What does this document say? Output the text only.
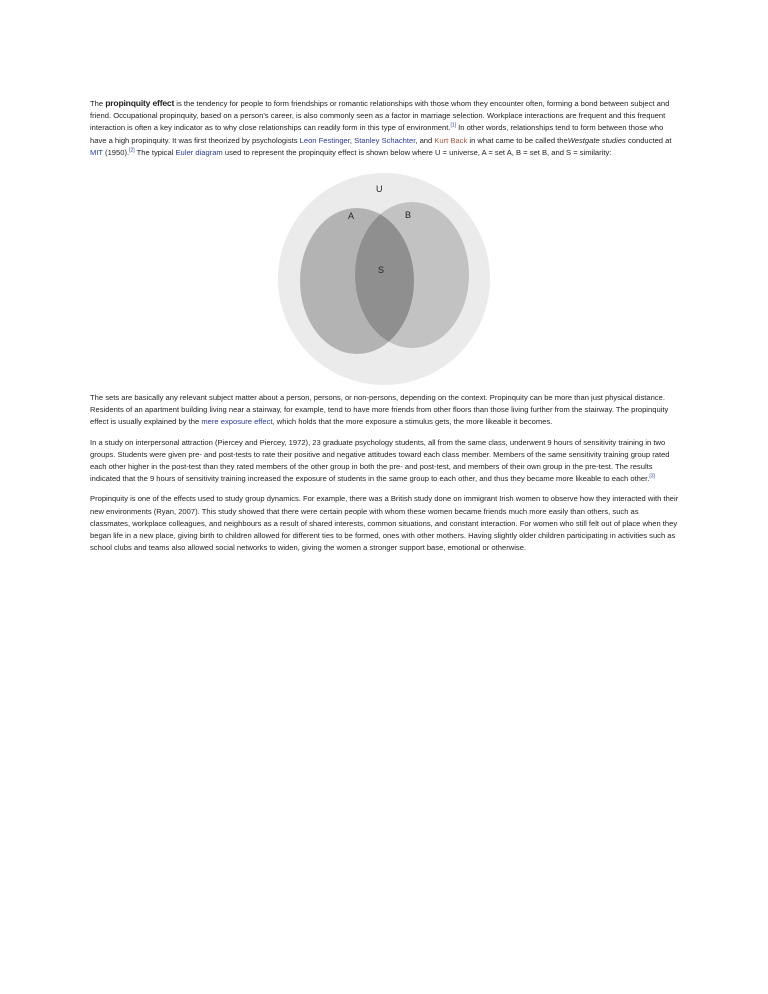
The propinquity effect is the tendency for people to form friendships or romantic relationships with those whom they encounter often, forming a bond between subject and friend. Occupational propinquity, based on a person's career, is also commonly seen as a factor in marriage selection. Workplace interactions are frequent and this frequent interaction is often a key indicator as to why close relationships can readily form in this type of environment.[1] In other words, relationships tend to form between those who have a high propinquity. It was first theorized by psychologists Leon Festinger, Stanley Schachter, and Kurt Back in what came to be called theWestgate studies conducted at MIT (1950).[2] The typical Euler diagram used to represent the propinquity effect is shown below where U = universe, A = set A, B = set B, and S = similarity:

U
A	B
S

The sets are basically any relevant subject matter about a person, persons, or non-persons, depending on the context. Propinquity can be more than just physical distance. Residents of an apartment building living near a stairway, for example, tend to have more friends from other floors than those living further from the stairway. The propinquity effect is usually explained by the mere exposure effect, which holds that the more exposure a stimulus gets, the more likeable it becomes.

In a study on interpersonal attraction (Piercey and Piercey, 1972), 23 graduate psychology students, all from the same class, underwent 9 hours of sensitivity training in two groups. Students were given pre- and post-tests to rate their positive and negative attitudes toward each class member. Members of the same sensitivity training group rated each other higher in the post-test than they rated members of the other group in both the pre- and post-test, and members of their own group in the pre-test. The results indicated that the 9 hours of sensitivity training increased the exposure of students in the same group to each other, and thus they became more likeable to each other.[3]

Propinquity is one of the effects used to study group dynamics. For example, there was a British study done on immigrant Irish women to observe how they interacted with their new environments (Ryan, 2007). This study showed that there were certain people with whom these women became friends much more easily than others, such as classmates, workplace colleagues, and neighbours as a result of shared interests, common situations, and constant interaction. For women who still felt out of place when they began life in a new place, giving birth to children allowed for different ties to be formed, ones with other mothers. Having slightly older children participating in activities such as school clubs and teams also allowed social networks to widen, giving the women a stronger support base, emotional or otherwise.
